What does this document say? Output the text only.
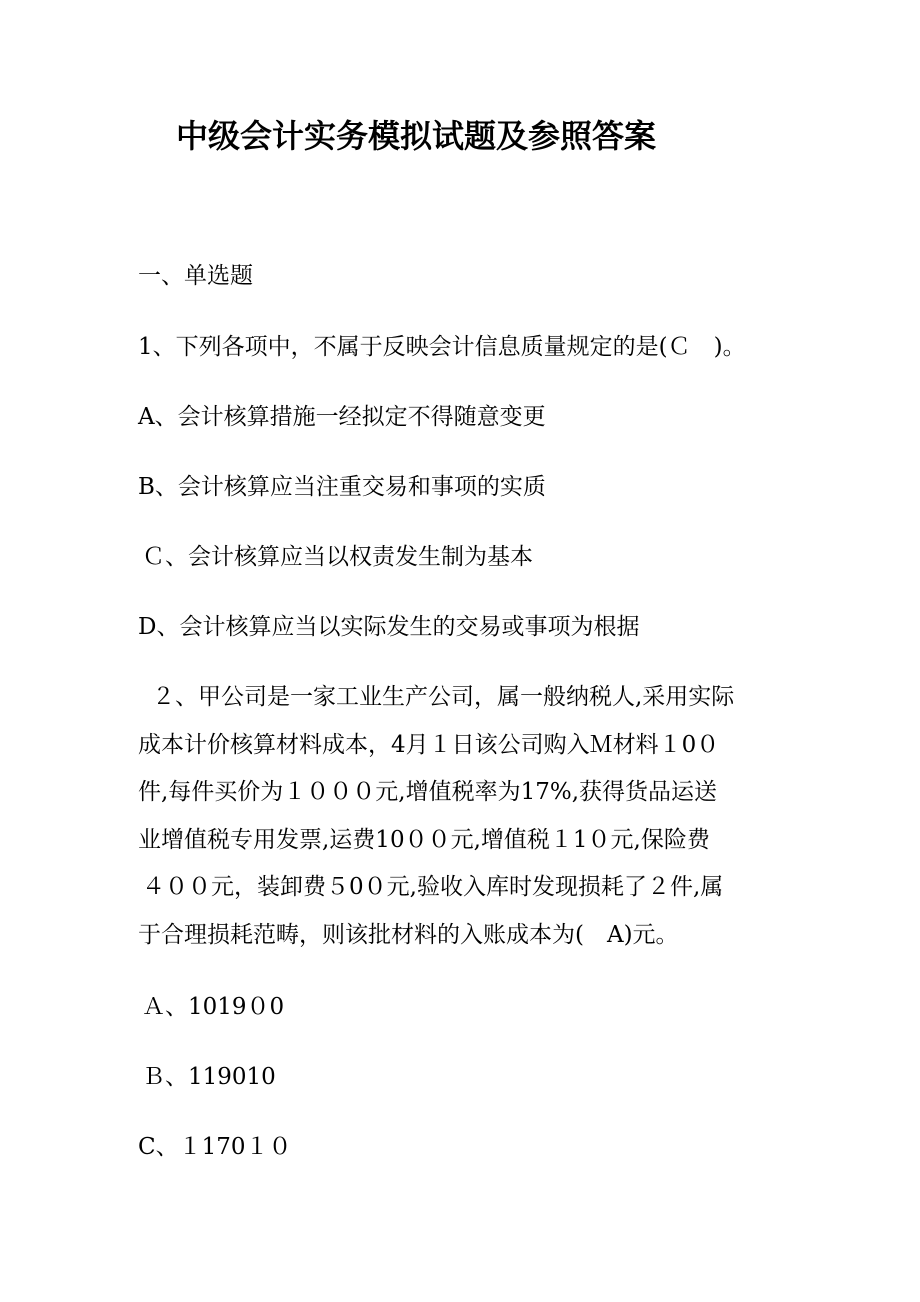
中级会计实务模拟试题及参照答案

一、单选题

1、下列各项中，不属于反映会计信息质量规定的是(Ｃ　)。

A、会计核算措施一经拟定不得随意变更

B、会计核算应当注重交易和事项的实质

Ｃ、会计核算应当以权责发生制为基本

D、会计核算应当以实际发生的交易或事项为根据

２、甲公司是一家工业生产公司，属一般纳税人,采用实际
成本计价核算材料成本，4月１日该公司购入Ｍ材料１0０
件,每件买价为１０００元,增值税率为17%,获得货品运送
业增值税专用发票,运费10００元,增值税１1０元,保险费
４００元，装卸费５0０元,验收入库时发现损耗了２件,属
于合理损耗范畴，则该批材料的入账成本为(　A)元。

Ａ、1019０0

Ｂ、119010

C、１170１０
